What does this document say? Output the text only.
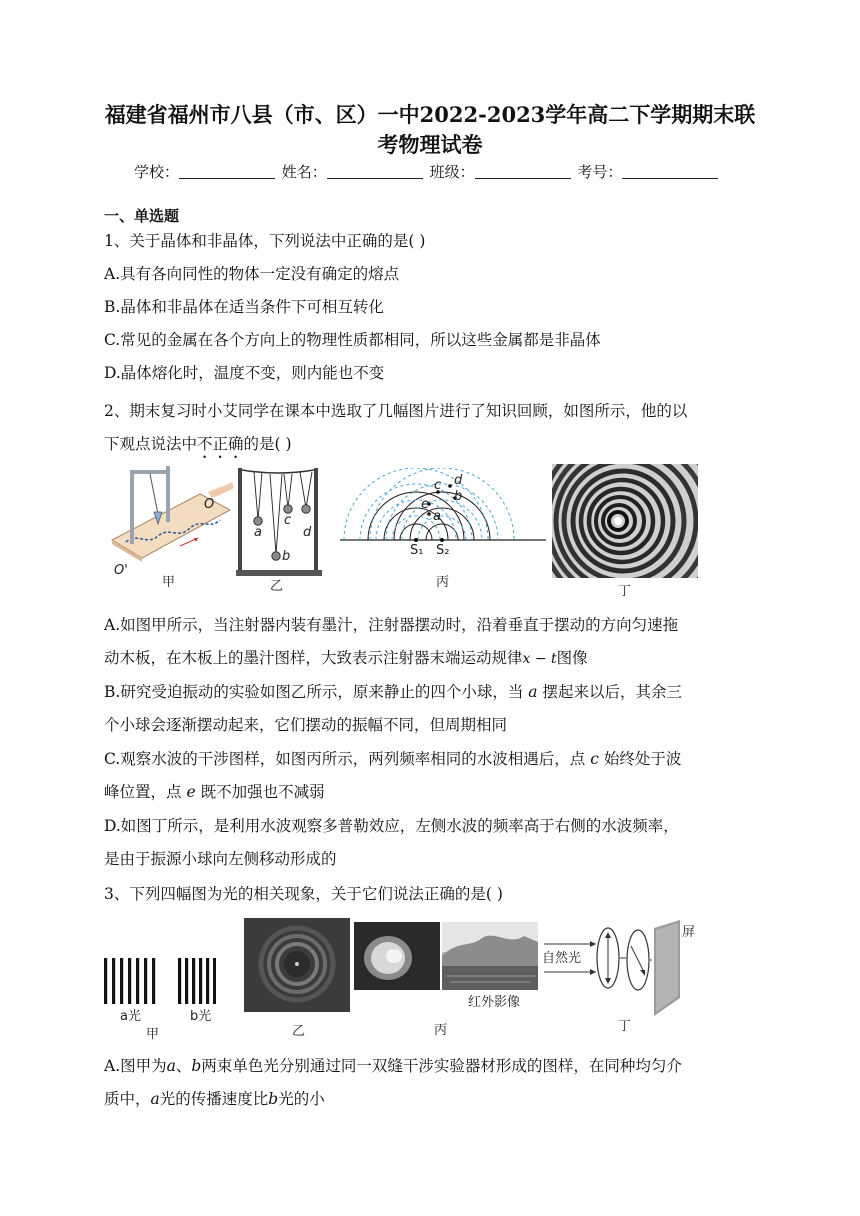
福建省福州市八县（市、区）一中2022-2023学年高二下学期期末联
考物理试卷
学校：	姓名：	班级：	考号：
一、单选题
1、关于晶体和非晶体，下列说法中正确的是( )
A.具有各向同性的物体一定没有确定的熔点
B.晶体和非晶体在适当条件下可相互转化
C.常见的金属在各个方向上的物理性质都相同，所以这些金属都是非晶体
D.晶体熔化时，温度不变，则内能也不变
2、期末复习时小艾同学在课本中选取了几幅图片进行了知识回顾，如图所示，他的以
下观点说法中不正确的是( )
O
O'
甲
a
b
c
d
乙
a
e
c
b
d
S₁ S₂
丙
丁
A.如图甲所示，当注射器内装有墨汁，注射器摆动时，沿着垂直于摆动的方向匀速拖
动木板，在木板上的墨汁图样，大致表示注射器末端运动规律x − t图像
B.研究受迫振动的实验如图乙所示，原来静止的四个小球，当 a 摆起来以后，其余三
个小球会逐渐摆动起来，它们摆动的振幅不同，但周期相同
C.观察水波的干涉图样，如图丙所示，两列频率相同的水波相遇后，点 c 始终处于波
峰位置，点 e 既不加强也不减弱
D.如图丁所示，是利用水波观察多普勒效应，左侧水波的频率高于右侧的水波频率，
是由于振源小球向左侧移动形成的
3、下列四幅图为光的相关现象，关于它们说法正确的是( )
a光	b光
甲	乙
红外影像
丙
自然光
屏
丁
A.图甲为a、b两束单色光分别通过同一双缝干涉实验器材形成的图样，在同种均匀介
质中，a光的传播速度比b光的小
